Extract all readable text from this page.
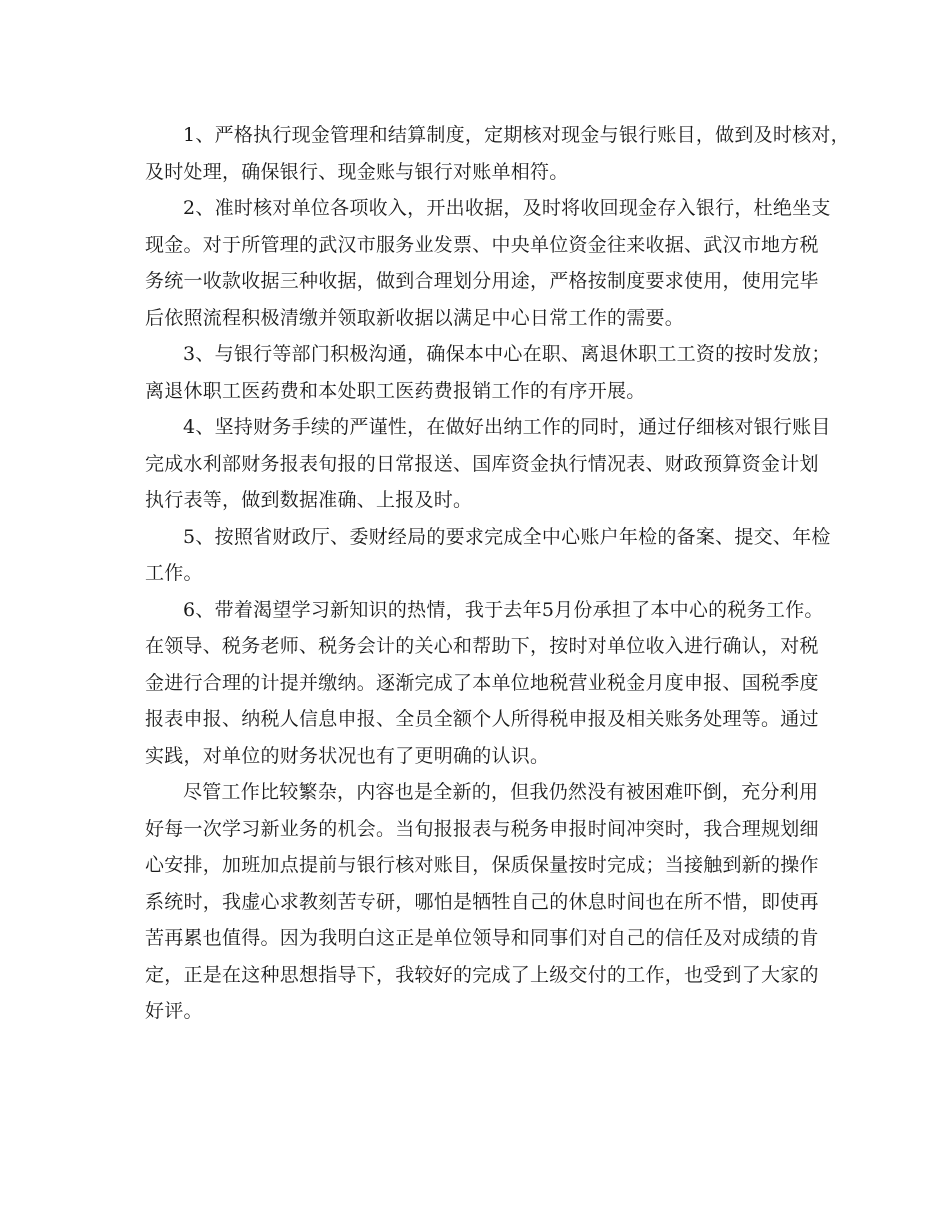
1、严格执行现金管理和结算制度，定期核对现金与银行账目，做到及时核对，
及时处理，确保银行、现金账与银行对账单相符。
2、准时核对单位各项收入，开出收据，及时将收回现金存入银行，杜绝坐支
现金。对于所管理的武汉市服务业发票、中央单位资金往来收据、武汉市地方税
务统一收款收据三种收据，做到合理划分用途，严格按制度要求使用，使用完毕
后依照流程积极清缴并领取新收据以满足中心日常工作的需要。
3、与银行等部门积极沟通，确保本中心在职、离退休职工工资的按时发放；
离退休职工医药费和本处职工医药费报销工作的有序开展。
4、坚持财务手续的严谨性，在做好出纳工作的同时，通过仔细核对银行账目
完成水利部财务报表旬报的日常报送、国库资金执行情况表、财政预算资金计划
执行表等，做到数据准确、上报及时。
5、按照省财政厅、委财经局的要求完成全中心账户年检的备案、提交、年检
工作。
6、带着渴望学习新知识的热情，我于去年5月份承担了本中心的税务工作。
在领导、税务老师、税务会计的关心和帮助下，按时对单位收入进行确认，对税
金进行合理的计提并缴纳。逐渐完成了本单位地税营业税金月度申报、国税季度
报表申报、纳税人信息申报、全员全额个人所得税申报及相关账务处理等。通过
实践，对单位的财务状况也有了更明确的认识。
尽管工作比较繁杂，内容也是全新的，但我仍然没有被困难吓倒，充分利用
好每一次学习新业务的机会。当旬报报表与税务申报时间冲突时，我合理规划细
心安排，加班加点提前与银行核对账目，保质保量按时完成；当接触到新的操作
系统时，我虚心求教刻苦专研，哪怕是牺牲自己的休息时间也在所不惜，即使再
苦再累也值得。因为我明白这正是单位领导和同事们对自己的信任及对成绩的肯
定，正是在这种思想指导下，我较好的完成了上级交付的工作，也受到了大家的
好评。
